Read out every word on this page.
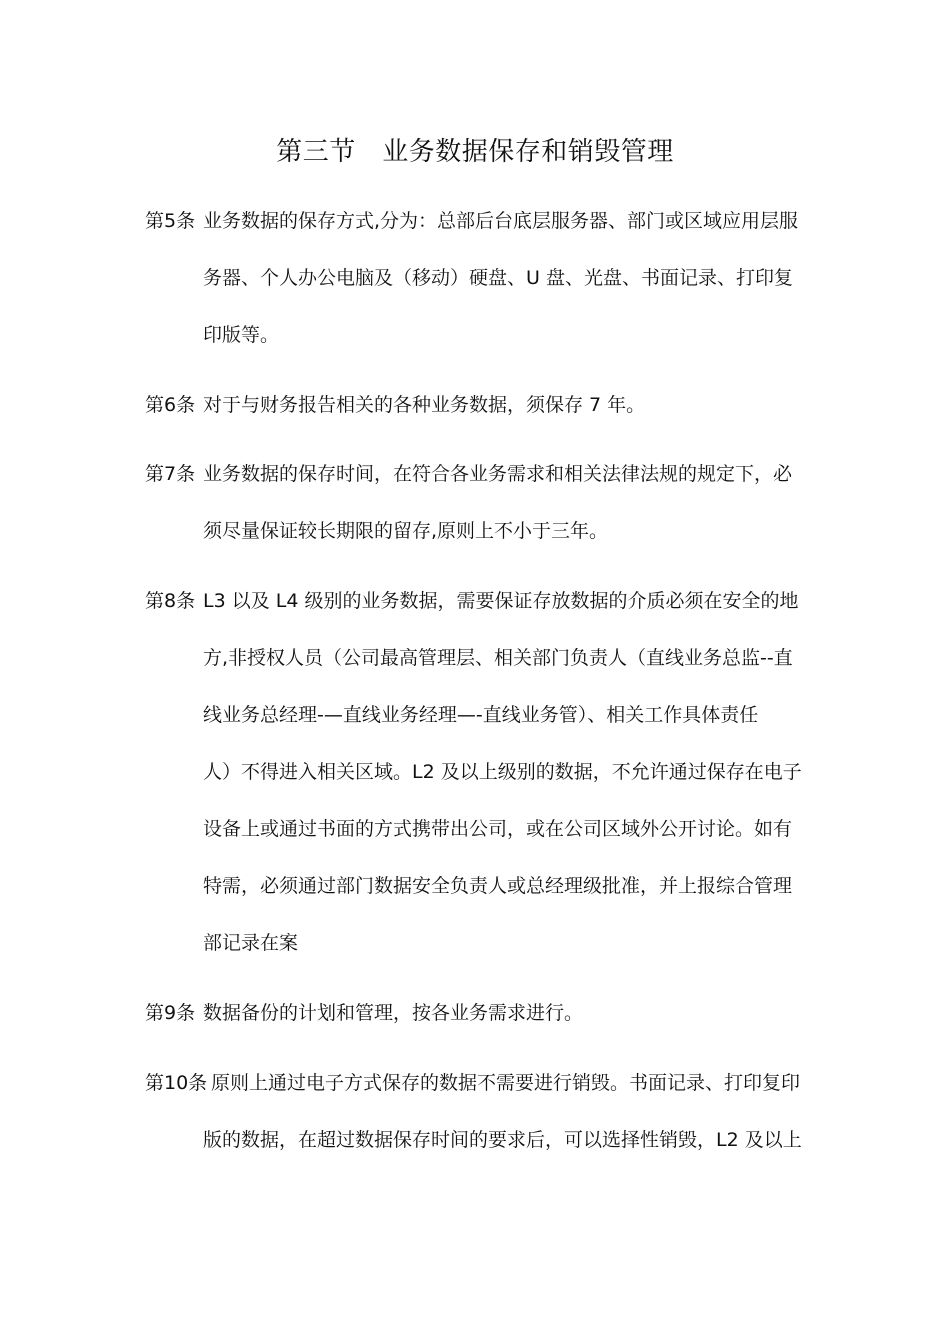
第三节　业务数据保存和销毁管理
第5条 业务数据的保存方式,分为：总部后台底层服务器、部门或区域应用层服
务器、个人办公电脑及（移动）硬盘、U 盘、光盘、书面记录、打印复
印版等。
第6条 对于与财务报告相关的各种业务数据，须保存 7 年。
第7条 业务数据的保存时间，在符合各业务需求和相关法律法规的规定下，必
须尽量保证较长期限的留存,原则上不小于三年。
第8条 L3 以及 L4 级别的业务数据，需要保证存放数据的介质必须在安全的地
方,非授权人员（公司最高管理层、相关部门负责人（直线业务总监--直
线业务总经理-—直线业务经理—-直线业务管）、相关工作具体责任
人）不得进入相关区域。L2 及以上级别的数据，不允许通过保存在电子
设备上或通过书面的方式携带出公司，或在公司区域外公开讨论。如有
特需，必须通过部门数据安全负责人或总经理级批准，并上报综合管理
部记录在案
第9条 数据备份的计划和管理，按各业务需求进行。
第10条 原则上通过电子方式保存的数据不需要进行销毁。书面记录、打印复印
版的数据，在超过数据保存时间的要求后，可以选择性销毁，L2 及以上
